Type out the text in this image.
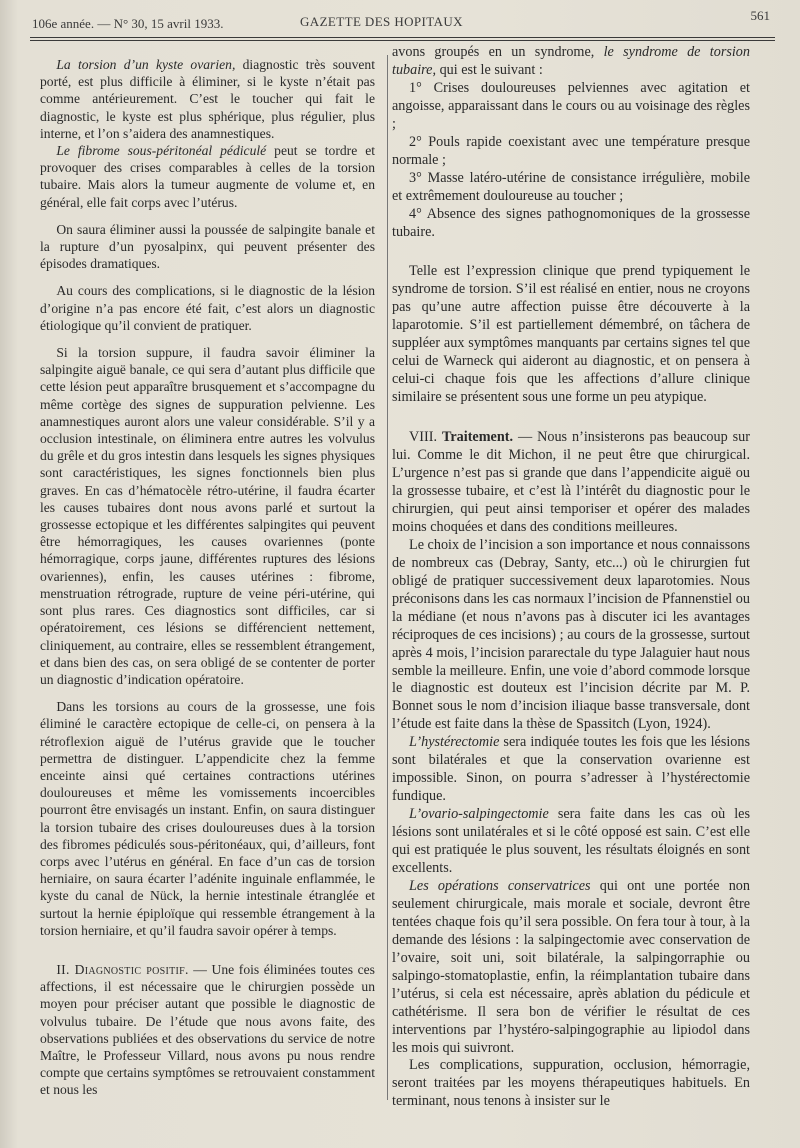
106e année. — N° 30, 15 avril 1933.	GAZETTE DES HOPITAUX	561

La torsion d’un kyste ovarien, diagnostic très souvent porté, est plus difficile à éliminer, si le kyste n’était pas comme antérieurement. C’est le toucher qui fait le diagnostic, le kyste est plus sphérique, plus régulier, plus interne, et l’on s’aidera des anamnestiques.

Le fibrome sous-péritonéal pédiculé peut se tordre et provoquer des crises comparables à celles de la torsion tubaire. Mais alors la tumeur augmente de volume et, en général, elle fait corps avec l’utérus.

On saura éliminer aussi la poussée de salpingite banale et la rupture d’un pyosalpinx, qui peuvent présenter des épisodes dramatiques.

Au cours des complications, si le diagnostic de la lésion d’origine n’a pas encore été fait, c’est alors un diagnostic étiologique qu’il convient de pratiquer.

Si la torsion suppure, il faudra savoir éliminer la salpingite aiguë banale, ce qui sera d’autant plus difficile que cette lésion peut apparaître brusquement et s’accompagne du même cortège des signes de suppuration pelvienne. Les anamnestiques auront alors une valeur considérable. S’il y a occlusion intestinale, on éliminera entre autres les volvulus du grêle et du gros intestin dans lesquels les signes physiques sont caractéristiques, les signes fonctionnels bien plus graves. En cas d’hématocèle rétro-utérine, il faudra écarter les causes tubaires dont nous avons parlé et surtout la grossesse ectopique et les différentes salpingites qui peuvent être hémorragiques, les causes ovariennes (ponte hémorragique, corps jaune, différentes ruptures des lésions ovariennes), enfin, les causes utérines : fibrome, menstruation rétrograde, rupture de veine péri-utérine, qui sont plus rares. Ces diagnostics sont difficiles, car si opératoirement, ces lésions se différencient nettement, cliniquement, au contraire, elles se ressemblent étrangement, et dans bien des cas, on sera obligé de se contenter de porter un diagnostic d’indication opératoire.

Dans les torsions au cours de la grossesse, une fois éliminé le caractère ectopique de celle-ci, on pensera à la rétroflexion aiguë de l’utérus gravide que le toucher permettra de distinguer. L’appendicite chez la femme enceinte ainsi qué certaines contractions utérines douloureuses et même les vomissements incoercibles pourront être envisagés un instant. Enfin, on saura distinguer la torsion tubaire des crises douloureuses dues à la torsion des fibromes pédiculés sous-péritonéaux, qui, d’ailleurs, font corps avec l’utérus en général. En face d’un cas de torsion herniaire, on saura écarter l’adénite inguinale enflammée, le kyste du canal de Nück, la hernie intestinale étranglée et surtout la hernie épiploïque qui ressemble étrangement à la torsion herniaire, et qu’il faudra savoir opérer à temps.

II. Diagnostic positif. — Une fois éliminées toutes ces affections, il est nécessaire que le chirurgien possède un moyen pour préciser autant que possible le diagnostic de volvulus tubaire. De l’étude que nous avons faite, des observations publiées et des observations du service de notre Maître, le Professeur Villard, nous avons pu nous rendre compte que certains symptômes se retrouvaient constamment et nous les

avons groupés en un syndrome, le syndrome de torsion tubaire, qui est le suivant :

1° Crises douloureuses pelviennes avec agitation et angoisse, apparaissant dans le cours ou au voisinage des règles ;

2° Pouls rapide coexistant avec une température presque normale ;

3° Masse latéro-utérine de consistance irrégulière, mobile et extrêmement douloureuse au toucher ;

4° Absence des signes pathognomoniques de la grossesse tubaire.

Telle est l’expression clinique que prend typiquement le syndrome de torsion. S’il est réalisé en entier, nous ne croyons pas qu’une autre affection puisse être découverte à la laparotomie. S’il est partiellement démembré, on tâchera de suppléer aux symptômes manquants par certains signes tel que celui de Warneck qui aideront au diagnostic, et on pensera à celui-ci chaque fois que les affections d’allure clinique similaire se présentent sous une forme un peu atypique.

VIII. Traitement. — Nous n’insisterons pas beaucoup sur lui. Comme le dit Michon, il ne peut être que chirurgical. L’urgence n’est pas si grande que dans l’appendicite aiguë ou la grossesse tubaire, et c’est là l’intérêt du diagnostic pour le chirurgien, qui peut ainsi temporiser et opérer des malades moins choquées et dans des conditions meilleures.

Le choix de l’incision a son importance et nous connaissons de nombreux cas (Debray, Santy, etc...) où le chirurgien fut obligé de pratiquer successivement deux laparotomies. Nous préconisons dans les cas normaux l’incision de Pfannenstiel ou la médiane (et nous n’avons pas à discuter ici les avantages réciproques de ces incisions) ; au cours de la grossesse, surtout après 4 mois, l’incision pararectale du type Jalaguier haut nous semble la meilleure. Enfin, une voie d’abord commode lorsque le diagnostic est douteux est l’incision décrite par M. P. Bonnet sous le nom d’incision iliaque basse transversale, dont l’étude est faite dans la thèse de Spassitch (Lyon, 1924).

L’hystérectomie sera indiquée toutes les fois que les lésions sont bilatérales et que la conservation ovarienne est impossible. Sinon, on pourra s’adresser à l’hystérectomie fundique.

L’ovario-salpingectomie sera faite dans les cas où les lésions sont unilatérales et si le côté opposé est sain. C’est elle qui est pratiquée le plus souvent, les résultats éloignés en sont excellents.

Les opérations conservatrices qui ont une portée non seulement chirurgicale, mais morale et sociale, devront être tentées chaque fois qu’il sera possible. On fera tour à tour, à la demande des lésions : la salpingectomie avec conservation de l’ovaire, soit uni, soit bilatérale, la salpingorraphie ou salpingo-stomatoplastie, enfin, la réimplantation tubaire dans l’utérus, si cela est nécessaire, après ablation du pédicule et cathétérisme. Il sera bon de vérifier le résultat de ces interventions par l’hystéro-salpingographie au lipiodol dans les mois qui suivront.

Les complications, suppuration, occlusion, hémorragie, seront traitées par les moyens thérapeutiques habituels. En terminant, nous tenons à insister sur le
